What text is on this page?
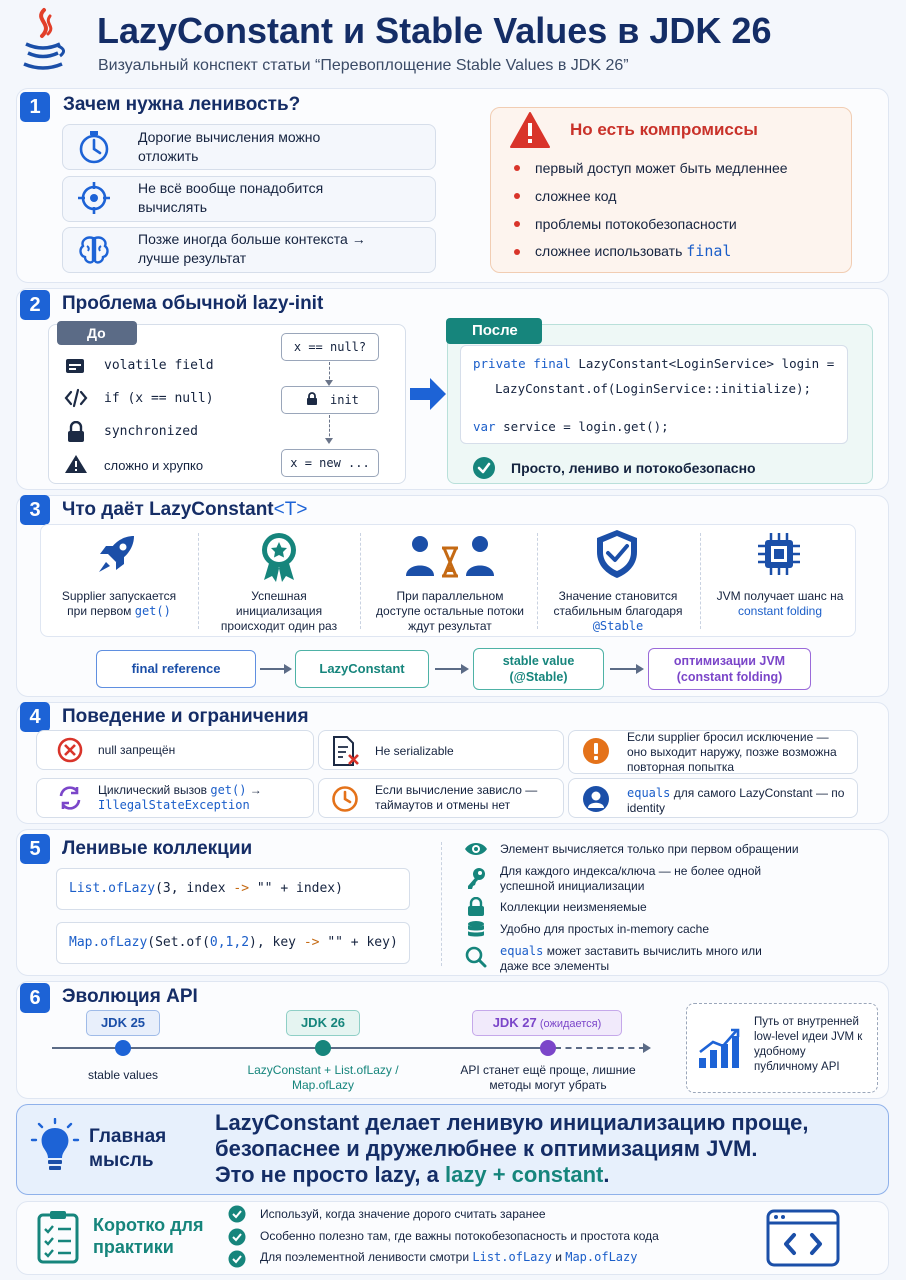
LazyConstant и Stable Values в JDK 26
Визуальный конспект статьи “Перевоплощение Stable Values в JDK 26”
1	Зачем нужна ленивость?
Дорогие вычисления можно отложить
Не всё вообще понадобится вычислять
Позже иногда больше контекста → лучше результат
Но есть компромиссы
первый доступ может быть медленнее
сложнее код
проблемы потокобезопасности
сложнее использовать final
2	Проблема обычной lazy-init
До
volatile field
if (x == null)
synchronized
сложно и хрупко
x == null?
init
x = new ...
После
private final LazyConstant<LoginService> login =
LazyConstant.of(LoginService::initialize);
var service = login.get();
Просто, лениво и потокобезопасно
3	Что даёт LazyConstant<T>
Supplier запускается при первом get()
Успешная инициализация происходит один раз
При параллельном доступе остальные потоки ждут результат
Значение становится стабильным благодаря @Stable
JVM получает шанс на constant folding
final reference	LazyConstant	stable value (@Stable)
оптимизации JVM (constant folding)
4	Поведение и ограничения
null запрещён	Не serializable
Если supplier бросил исключение — оно выходит наружу, позже возможна повторная попытка
Циклический вызов get() →
IllegalStateException
Если вычисление зависло — таймаутов и отмены нет
equals для самого LazyConstant — по identity
5	Ленивые коллекции
List.ofLazy(3, index -> "" + index)
Map.ofLazy(Set.of(0,1,2), key -> "" + key)
Элемент вычисляется только при первом обращении
Для каждого индекса/ключа — не более одной успешной инициализации
Коллекции неизменяемые
Удобно для простых in-memory cache
equals может заставить вычислить много или даже все элементы
6	Эволюция API
JDK 25
stable values
JDK 26
LazyConstant + List.ofLazy / Map.ofLazy
JDK 27 (ожидается)
API станет ещё проще, лишние методы могут убрать
Путь от внутренней low-level идеи JVM к удобному публичному API
Главная мысль
LazyConstant делает ленивую инициализацию проще,
безопаснее и дружелюбнее к оптимизациям JVM.
Это не просто lazy, а lazy + constant.
Коротко для практики
Используй, когда значение дорого считать заранее
Особенно полезно там, где важны потокобезопасность и простота кода
Для поэлементной ленивости смотри List.ofLazy и Map.ofLazy
